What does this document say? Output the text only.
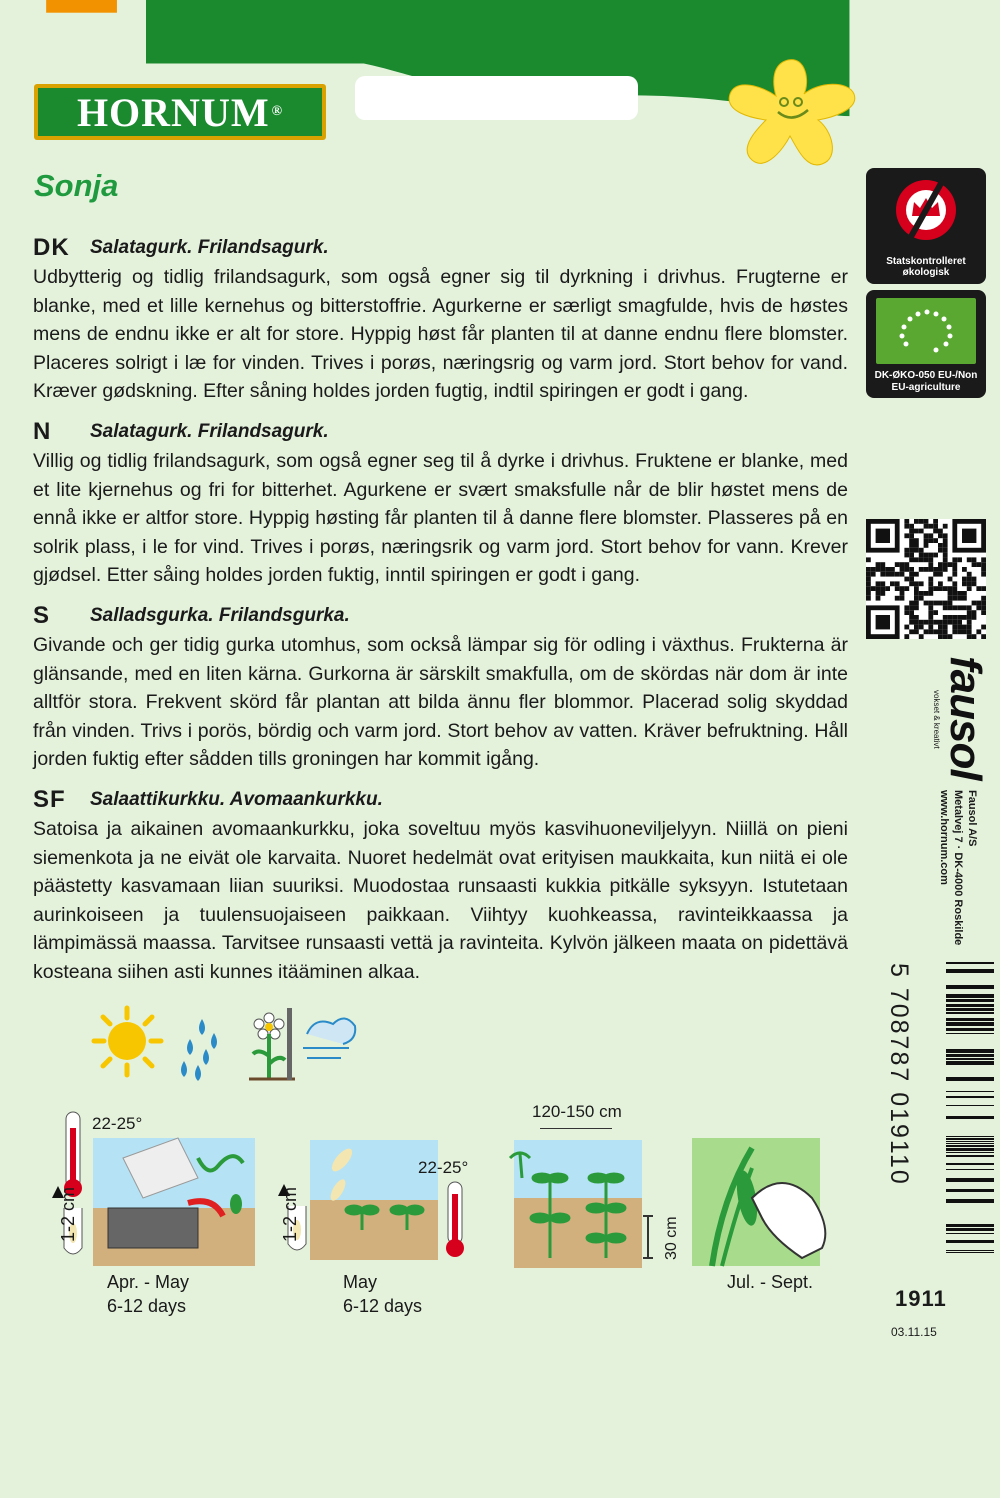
HORNUM ®
Sonja
DK Salatagurk. Frilandsagurk.
Udbytterig og tidlig frilandsagurk, som også egner sig til dyrkning i drivhus. Frugterne er blanke, med et lille kernehus og bitterstoffrie. Agurkerne er særligt smagfulde, hvis de høstes mens de endnu ikke er alt for store. Hyppig høst får planten til at danne endnu flere blomster. Placeres solrigt i læ for vinden. Trives i porøs, næringsrig og varm jord. Stort behov for vand. Kræver gødskning. Efter såning holdes jorden fugtig, indtil spiringen er godt i gang.
N Salatagurk. Frilandsagurk.
Villig og tidlig frilandsagurk, som også egner seg til å dyrke i drivhus. Fruktene er blanke, med et lite kjernehus og fri for bitterhet. Agurkene er svært smaksfulle når de blir høstet mens de ennå ikke er altfor store. Hyppig høsting får planten til å danne flere blomster. Plasseres på en solrik plass, i le for vind. Trives i porøs, næringsrik og varm jord. Stort behov for vann. Krever gjødsel. Etter såing holdes jorden fuktig, inntil spiringen er godt i gang.
S Salladsgurka. Frilandsgurka.
Givande och ger tidig gurka utomhus, som också lämpar sig för odling i växthus. Frukterna är glänsande, med en liten kärna. Gurkorna är särskilt smakfulla, om de skördas när dom är inte alltför stora. Frekvent skörd får plantan att bilda ännu fler blommor. Placerad solig skyddad från vinden. Trivs i porös, bördig och varm jord. Stort behov av vatten. Kräver befruktning. Håll jorden fuktig efter sådden tills groningen har kommit igång.
SF Salaattikurkku. Avomaankurkku.
Satoisa ja aikainen avomaankurkku, joka soveltuu myös kasvihuoneviljelyyn. Niillä on pieni siemenkota ja ne eivät ole karvaita. Nuoret hedelmät ovat erityisen maukkaita, kun niitä ei ole päästetty kasvamaan liian suuriksi. Muodostaa runsaasti kukkia pitkälle syksyyn. Istutetaan aurinkoiseen ja tuulensuojaiseen paikkaan. Viihtyy kuohkeassa, ravinteikkaassa ja lämpimässä maassa. Tarvitsee runsaasti vettä ja ravinteita. Kylvön jälkeen maata on pidettävä kosteana siihen asti kunnes itääminen alkaa.
Statskontrolleret økologisk
DK-ØKO-050 EU-/Non EU-agriculture
fausol
vokset & kreativt
Fausol A/S
Metalvej 7 · DK-4000 Roskilde
www.hornum.com
5 708787 019110
1911
03.11.15
22-25°
1-2 cm
Apr. - May
6-12 days
22-25°
1-2 cm
May
6-12 days
120-150 cm
30 cm
Jul. - Sept.
